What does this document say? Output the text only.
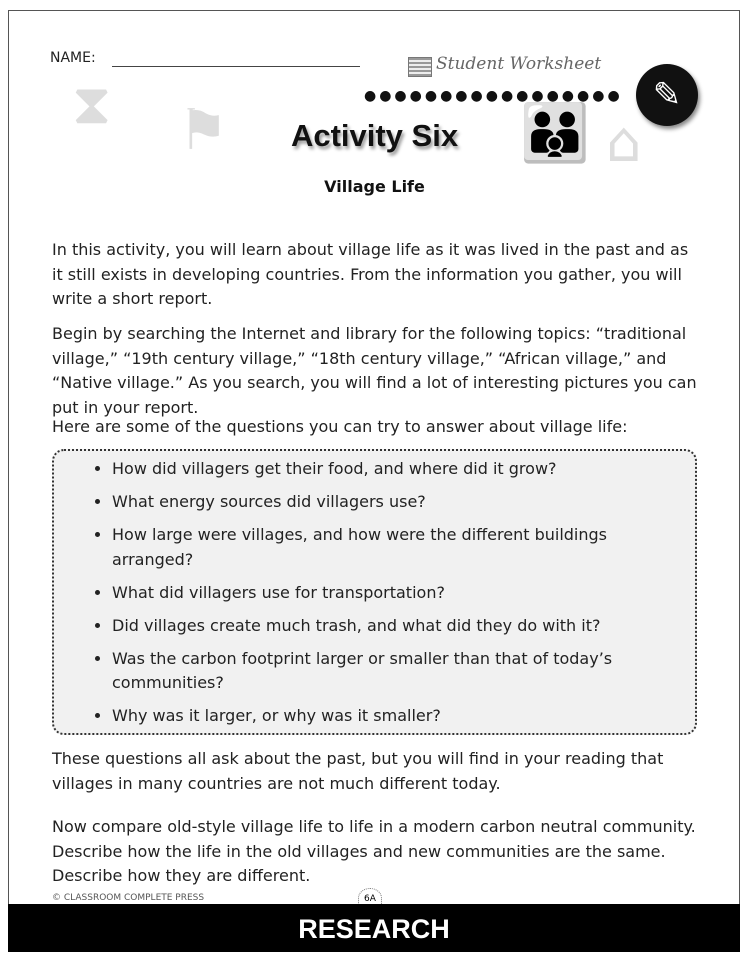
NAME:	Student Worksheet
●●●●●●●●●●●●●●●●● ✎
⧗ ⚑	👪 ⌂
Activity Six
Village Life
In this activity, you will learn about village life as it was lived in the past and as it still exists in developing countries. From the information you gather, you will write a short report.
Begin by searching the Internet and library for the following topics: “traditional village,” “19th century village,” “18th century village,” “African village,” and “Native village.” As you search, you will find a lot of interesting pictures you can put in your report.
Here are some of the questions you can try to answer about village life:
• How did villagers get their food, and where did it grow?
• What energy sources did villagers use?
• How large were villages, and how were the different buildings arranged?
• What did villagers use for transportation?
• Did villages create much trash, and what did they do with it?
• Was the carbon footprint larger or smaller than that of today’s communities?
• Why was it larger, or why was it smaller?
These questions all ask about the past, but you will find in your reading that villages in many countries are not much different today.
Now compare old-style village life to life in a modern carbon neutral community. Describe how the life in the old villages and new communities are the same. Describe how they are different.
© CLASSROOM COMPLETE PRESS	6A
RESEARCH
